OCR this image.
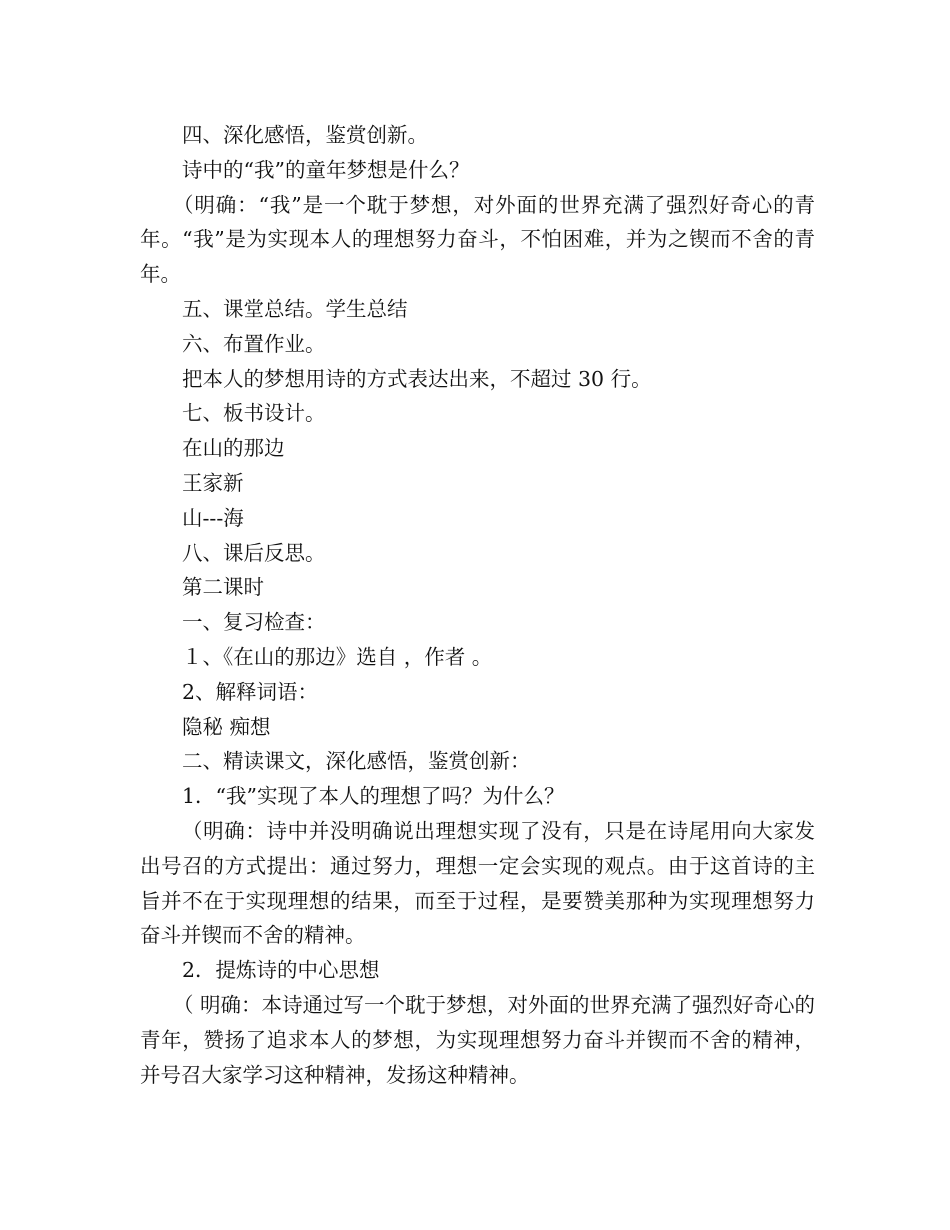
四、深化感悟，鉴赏创新。

诗中的“我”的童年梦想是什么？

（明确：“我”是一个耽于梦想，对外面的世界充满了强烈好奇心的青年。“我”是为实现本人的理想努力奋斗，不怕困难，并为之锲而不舍的青年。

五、课堂总结。学生总结

六、布置作业。

把本人的梦想用诗的方式表达出来，不超过 30 行。

七、板书设计。

在山的那边

王家新

山---海

八、课后反思。

第二课时

一、复习检查：

１、《在山的那边》选自 ，作者 。

2、解释词语：

隐秘 痴想

二、精读课文，深化感悟，鉴赏创新：

1．“我”实现了本人的理想了吗？为什么？

（明确：诗中并没明确说出理想实现了没有，只是在诗尾用向大家发出号召的方式提出：通过努力，理想一定会实现的观点。由于这首诗的主旨并不在于实现理想的结果，而至于过程，是要赞美那种为实现理想努力奋斗并锲而不舍的精神。

2．提炼诗的中心思想

（ 明确：本诗通过写一个耽于梦想，对外面的世界充满了强烈好奇心的青年，赞扬了追求本人的梦想，为实现理想努力奋斗并锲而不舍的精神，并号召大家学习这种精神，发扬这种精神。
